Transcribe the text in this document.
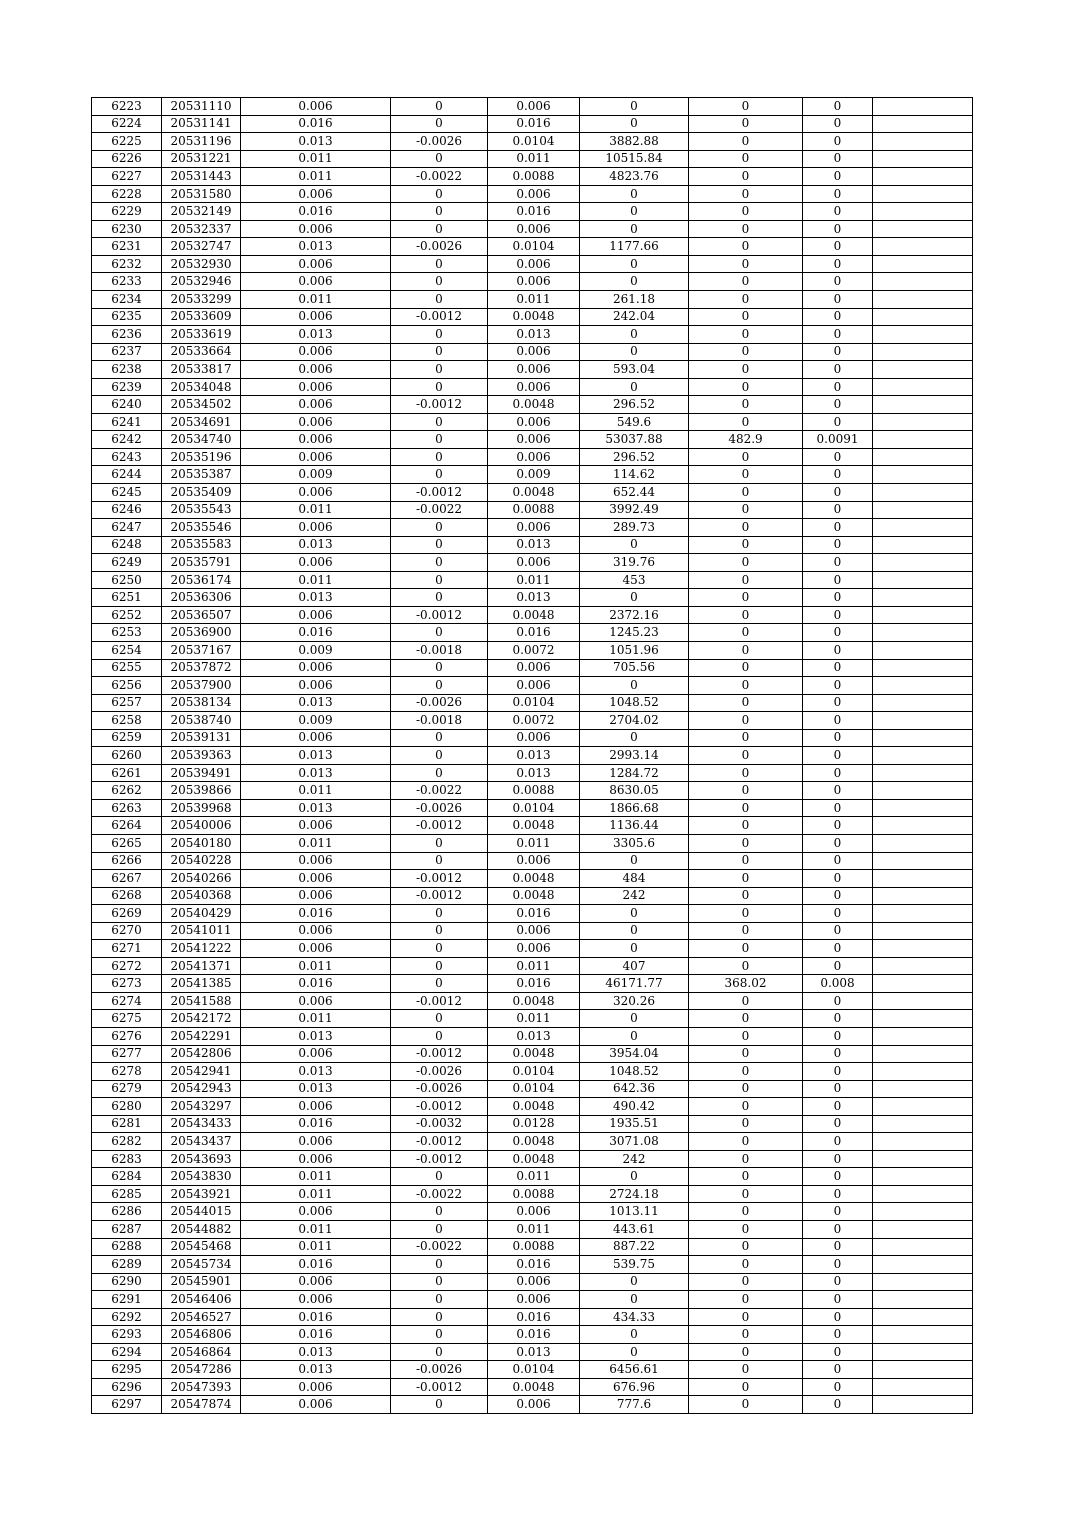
6223	20531110	0.006	0	0.006	0	0	0	
6224	20531141	0.016	0	0.016	0	0	0	
6225	20531196	0.013	-0.0026	0.0104	3882.88	0	0	
6226	20531221	0.011	0	0.011	10515.84	0	0	
6227	20531443	0.011	-0.0022	0.0088	4823.76	0	0	
6228	20531580	0.006	0	0.006	0	0	0	
6229	20532149	0.016	0	0.016	0	0	0	
6230	20532337	0.006	0	0.006	0	0	0	
6231	20532747	0.013	-0.0026	0.0104	1177.66	0	0	
6232	20532930	0.006	0	0.006	0	0	0	
6233	20532946	0.006	0	0.006	0	0	0	
6234	20533299	0.011	0	0.011	261.18	0	0	
6235	20533609	0.006	-0.0012	0.0048	242.04	0	0	
6236	20533619	0.013	0	0.013	0	0	0	
6237	20533664	0.006	0	0.006	0	0	0	
6238	20533817	0.006	0	0.006	593.04	0	0	
6239	20534048	0.006	0	0.006	0	0	0	
6240	20534502	0.006	-0.0012	0.0048	296.52	0	0	
6241	20534691	0.006	0	0.006	549.6	0	0	
6242	20534740	0.006	0	0.006	53037.88	482.9	0.0091	
6243	20535196	0.006	0	0.006	296.52	0	0	
6244	20535387	0.009	0	0.009	114.62	0	0	
6245	20535409	0.006	-0.0012	0.0048	652.44	0	0	
6246	20535543	0.011	-0.0022	0.0088	3992.49	0	0	
6247	20535546	0.006	0	0.006	289.73	0	0	
6248	20535583	0.013	0	0.013	0	0	0	
6249	20535791	0.006	0	0.006	319.76	0	0	
6250	20536174	0.011	0	0.011	453	0	0	
6251	20536306	0.013	0	0.013	0	0	0	
6252	20536507	0.006	-0.0012	0.0048	2372.16	0	0	
6253	20536900	0.016	0	0.016	1245.23	0	0	
6254	20537167	0.009	-0.0018	0.0072	1051.96	0	0	
6255	20537872	0.006	0	0.006	705.56	0	0	
6256	20537900	0.006	0	0.006	0	0	0	
6257	20538134	0.013	-0.0026	0.0104	1048.52	0	0	
6258	20538740	0.009	-0.0018	0.0072	2704.02	0	0	
6259	20539131	0.006	0	0.006	0	0	0	
6260	20539363	0.013	0	0.013	2993.14	0	0	
6261	20539491	0.013	0	0.013	1284.72	0	0	
6262	20539866	0.011	-0.0022	0.0088	8630.05	0	0	
6263	20539968	0.013	-0.0026	0.0104	1866.68	0	0	
6264	20540006	0.006	-0.0012	0.0048	1136.44	0	0	
6265	20540180	0.011	0	0.011	3305.6	0	0	
6266	20540228	0.006	0	0.006	0	0	0	
6267	20540266	0.006	-0.0012	0.0048	484	0	0	
6268	20540368	0.006	-0.0012	0.0048	242	0	0	
6269	20540429	0.016	0	0.016	0	0	0	
6270	20541011	0.006	0	0.006	0	0	0	
6271	20541222	0.006	0	0.006	0	0	0	
6272	20541371	0.011	0	0.011	407	0	0	
6273	20541385	0.016	0	0.016	46171.77	368.02	0.008	
6274	20541588	0.006	-0.0012	0.0048	320.26	0	0	
6275	20542172	0.011	0	0.011	0	0	0	
6276	20542291	0.013	0	0.013	0	0	0	
6277	20542806	0.006	-0.0012	0.0048	3954.04	0	0	
6278	20542941	0.013	-0.0026	0.0104	1048.52	0	0	
6279	20542943	0.013	-0.0026	0.0104	642.36	0	0	
6280	20543297	0.006	-0.0012	0.0048	490.42	0	0	
6281	20543433	0.016	-0.0032	0.0128	1935.51	0	0	
6282	20543437	0.006	-0.0012	0.0048	3071.08	0	0	
6283	20543693	0.006	-0.0012	0.0048	242	0	0	
6284	20543830	0.011	0	0.011	0	0	0	
6285	20543921	0.011	-0.0022	0.0088	2724.18	0	0	
6286	20544015	0.006	0	0.006	1013.11	0	0	
6287	20544882	0.011	0	0.011	443.61	0	0	
6288	20545468	0.011	-0.0022	0.0088	887.22	0	0	
6289	20545734	0.016	0	0.016	539.75	0	0	
6290	20545901	0.006	0	0.006	0	0	0	
6291	20546406	0.006	0	0.006	0	0	0	
6292	20546527	0.016	0	0.016	434.33	0	0	
6293	20546806	0.016	0	0.016	0	0	0	
6294	20546864	0.013	0	0.013	0	0	0	
6295	20547286	0.013	-0.0026	0.0104	6456.61	0	0	
6296	20547393	0.006	-0.0012	0.0048	676.96	0	0	
6297	20547874	0.006	0	0.006	777.6	0	0	
